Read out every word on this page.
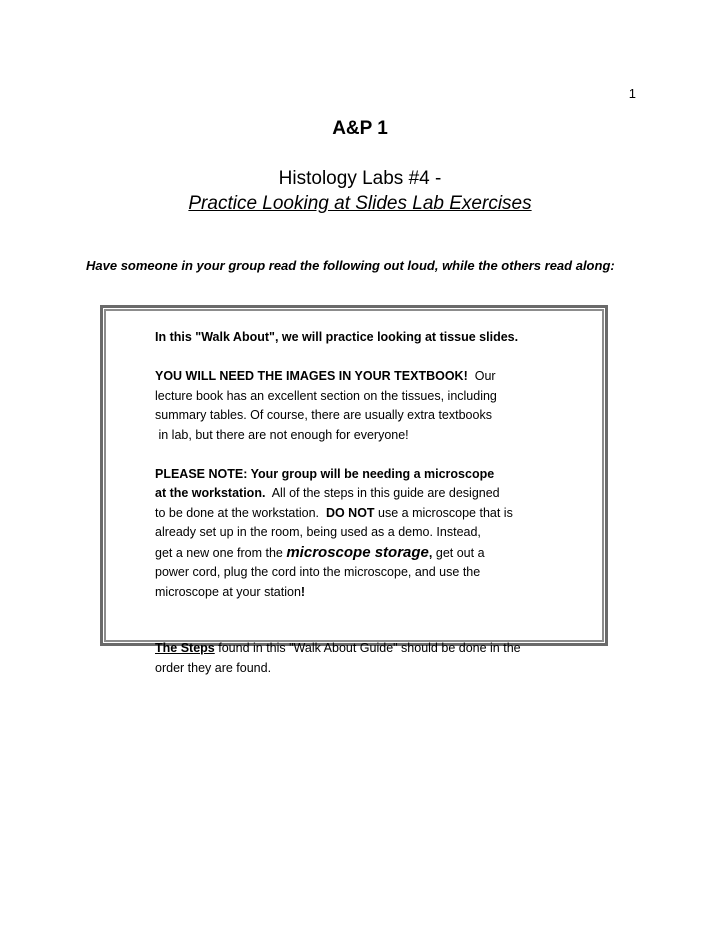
1
A&P 1
Histology Labs #4 -
Practice Looking at Slides Lab Exercises
Have someone in your group read the following out loud, while the others read along:

In this "Walk About", we will practice looking at tissue slides.

YOU WILL NEED THE IMAGES IN YOUR TEXTBOOK! Our

lecture book has an excellent section on the tissues, including

summary tables. Of course, there are usually extra textbooks

in lab, but there are not enough for everyone!

PLEASE NOTE: Your group will be needing a microscope

at the workstation. All of the steps in this guide are designed

to be done at the workstation. DO NOT use a microscope that is

already set up in the room, being used as a demo. Instead,

get a new one from the microscope storage, get out a

power cord, plug the cord into the microscope, and use the

microscope at your station!

The Steps found in this "Walk About Guide" should be done in the

order they are found.
